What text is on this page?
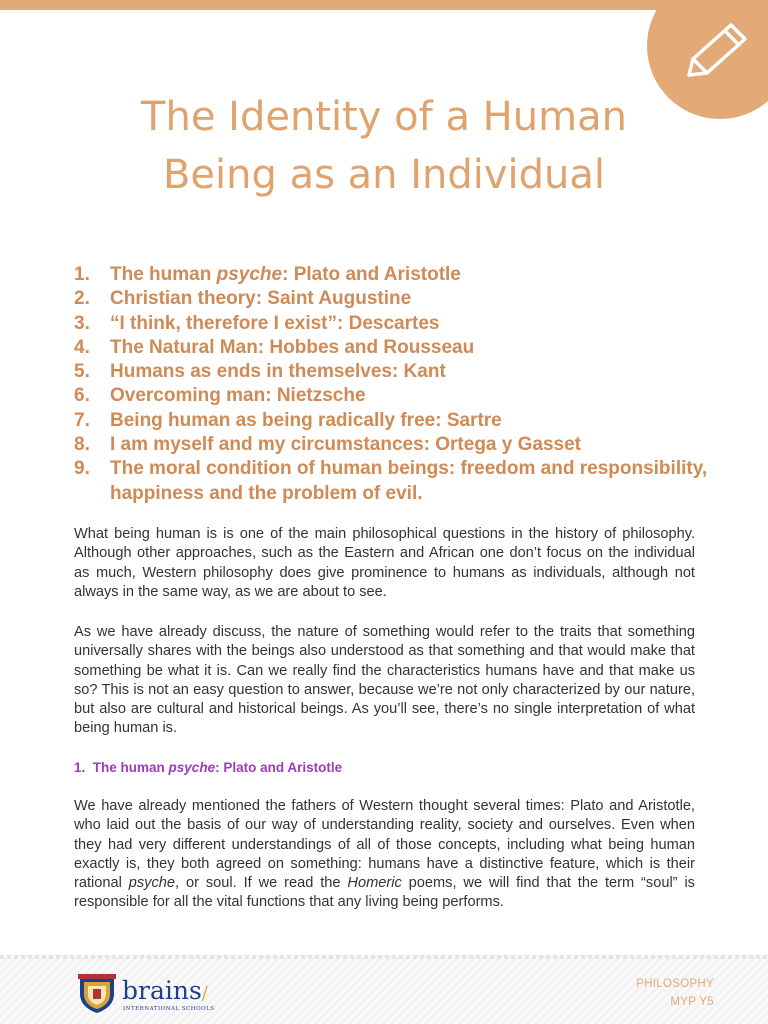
The Identity of a Human
Being as an Individual
1.	The human psyche: Plato and Aristotle
2.	Christian theory: Saint Augustine
3.	“I think, therefore I exist”: Descartes
4.	The Natural Man: Hobbes and Rousseau
5.	Humans as ends in themselves: Kant
6.	Overcoming man: Nietzsche
7.	Being human as being radically free: Sartre
8.	I am myself and my circumstances: Ortega y Gasset
9.	The moral condition of human beings: freedom and responsibility, happiness and the problem of evil.

What being human is is one of the main philosophical questions in the history of philosophy. Although other approaches, such as the Eastern and African one don’t focus on the individual as much, Western philosophy does give prominence to humans as individuals, although not always in the same way, as we are about to see.

As we have already discuss, the nature of something would refer to the traits that something universally shares with the beings also understood as that something and that would make that something be what it is. Can we really find the characteristics humans have and that make us so? This is not an easy question to answer, because we’re not only characterized by our nature, but also are cultural and historical beings. As you’ll see, there’s no single interpretation of what being human is.

1. The human psyche: Plato and Aristotle

We have already mentioned the fathers of Western thought several times: Plato and Aristotle, who laid out the basis of our way of understanding reality, society and ourselves. Even when they had very different understandings of all of those concepts, including what being human exactly is, they both agreed on something: humans have a distinctive feature, which is their rational psyche, or soul. If we read the Homeric poems, we will find that the term “soul” is responsible for all the vital functions that any living being performs.

brains/
INTERNATIONAL SCHOOLS
PHILOSOPHY
MYP Y5
